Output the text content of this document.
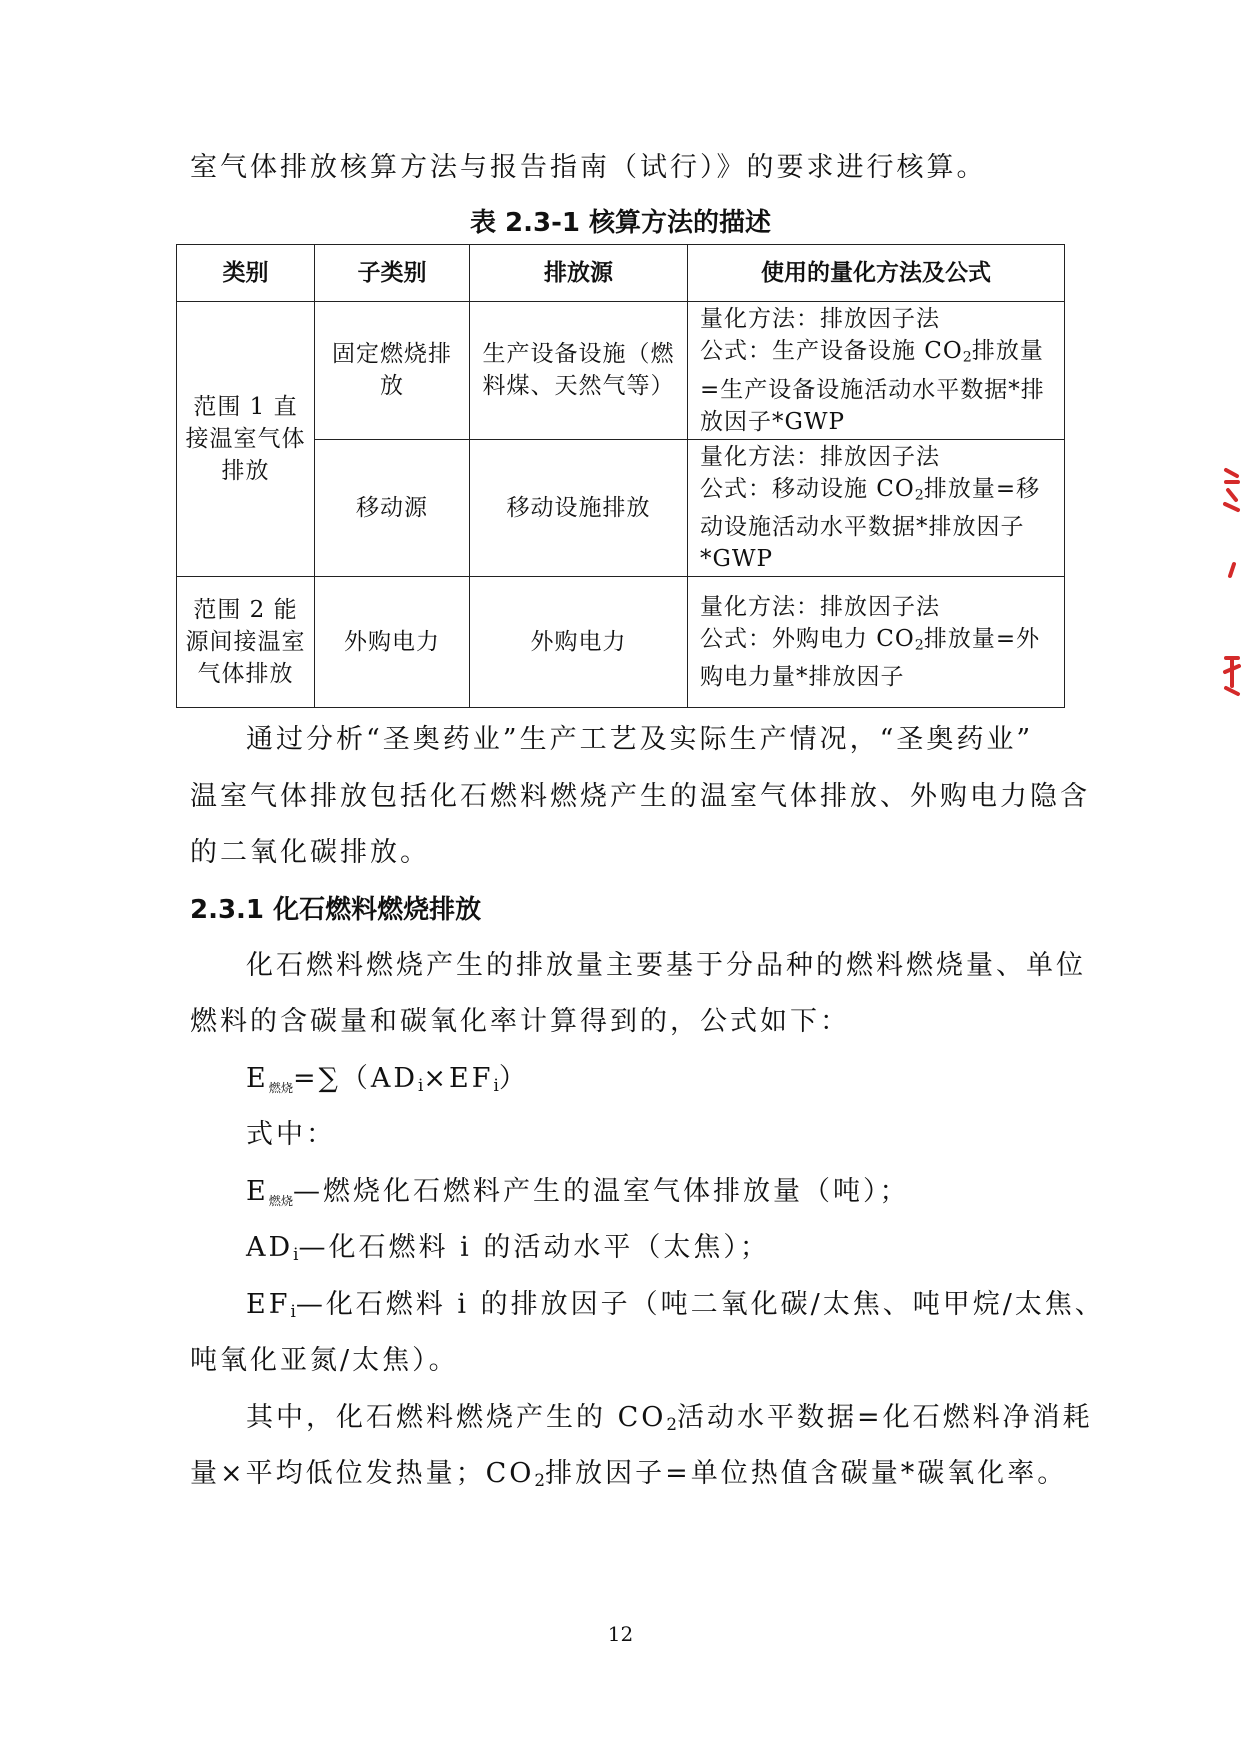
室气体排放核算方法与报告指南（试行）》的要求进行核算。
表 2.3-1 核算方法的描述
类别	子类别	排放源	使用的量化方法及公式
范围 1 直接温室气体排放	固定燃烧排放	生产设备设施（燃料煤、天然气等）	量化方法：排放因子法
公式：生产设备设施 $CO_2$排放量=生产设备设施活动水平数据*排放因子*GWP

	移动源	移动设施排放	量化方法：排放因子法
公式：移动设施 $CO_2$排放量=移动设施活动水平数据*排放因子*GWP

范围 2 能源间接温室气体排放	外购电力	外购电力	量化方法：排放因子法
公式：外购电力 $CO_2$排放量=外购电力量*排放因子
通过分析“圣奥药业”生产工艺及实际生产情况，“圣奥药业”
温室气体排放包括化石燃料燃烧产生的温室气体排放、外购电力隐含
的二氧化碳排放。
2.3.1 化石燃料燃烧排放
化石燃料燃烧产生的排放量主要基于分品种的燃料燃烧量、单位
燃料的含碳量和碳氧化率计算得到的，公式如下：
E燃烧$=\sum(AD_i\times EF_i)$
式中：
E燃烧—燃烧化石燃料产生的温室气体排放量（吨）；
$AD_i—$化石燃料 i 的活动水平（太焦）；
$EF_i—$化石燃料 i 的排放因子（吨二氧化碳/太焦、吨甲烷/太焦、
吨氧化亚氮/太焦）。
其中，化石燃料燃烧产生的 $CO_2$活动水平数据=化石燃料净消耗
量×平均低位发热量；$CO_2$排放因子=单位热值含碳量*碳氧化率。
12
